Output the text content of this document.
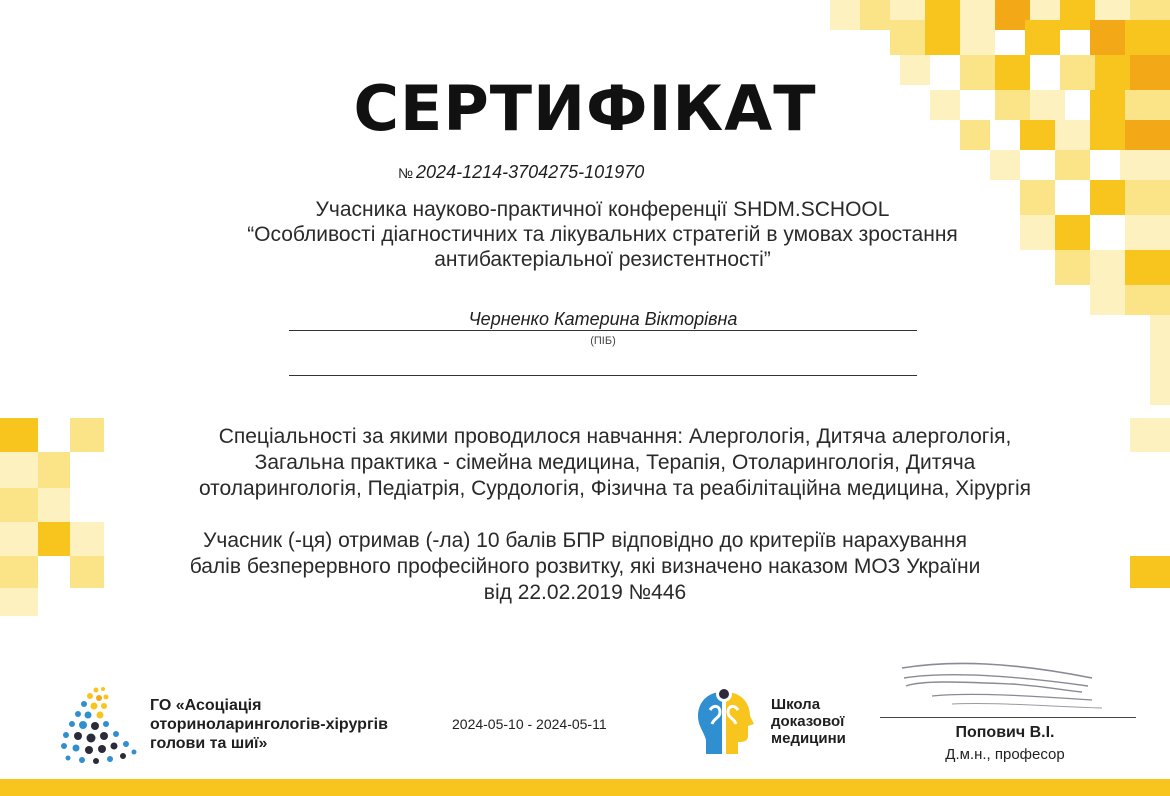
СЕРТИФІКАТ
№ 2024-1214-3704275-101970
Учасника науково-практичної конференції SHDM.SCHOOL
“Особливості діагностичних та лікувальних стратегій в умовах зростання
антибактеріальної резистентності”
Черненко Катерина Вікторівна
(ПІБ)
Спеціальності за якими проводилося навчання: Алергологія, Дитяча алергологія,
Загальна практика - сімейна медицина, Терапія, Отоларингологія, Дитяча
отоларингологія, Педіатрія, Сурдологія, Фізична та реабілітаційна медицина, Хірургія
Учасник (-ця) отримав (-ла) 10 балів БПР відповідно до критеріїв нарахування
балів безперервного професійного розвитку, які визначено наказом МОЗ України
від 22.02.2019 №446
ГО «Асоціація
оториноларингологів-хірургів
голови та шиї»
2024-05-10 - 2024-05-11
Школа
доказової
медицини	Попович В.І.
Д.м.н., професор
